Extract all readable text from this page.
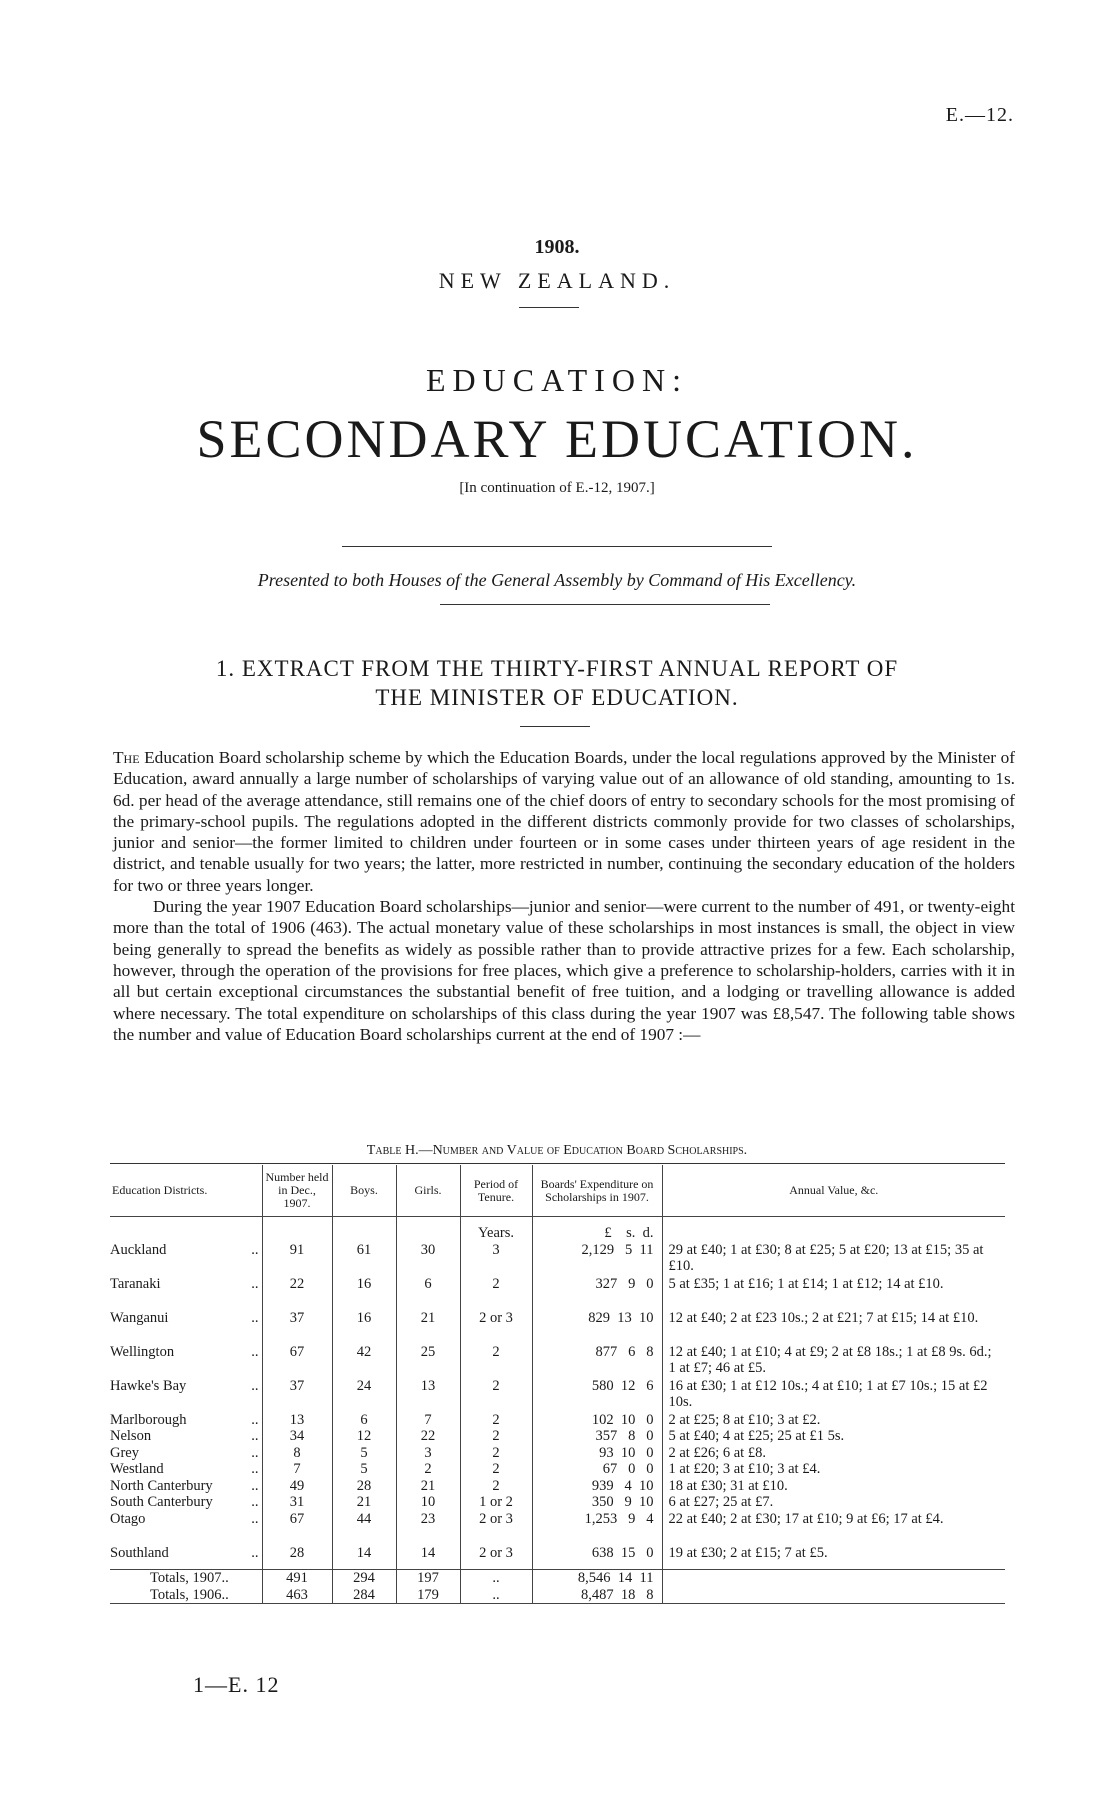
E.—12.
1908.
NEW ZEALAND.
EDUCATION:
SECONDARY EDUCATION.
[In continuation of E.-12, 1907.]
Presented to both Houses of the General Assembly by Command of His Excellency.
1. EXTRACT FROM THE THIRTY-FIRST ANNUAL REPORT OF
THE MINISTER OF EDUCATION.

The Education Board scholarship scheme by which the Education Boards, under the local regulations approved by the Minister of Education, award annually a large number of scholarships of varying value out of an allowance of old standing, amounting to 1s. 6d. per head of the average attendance, still remains one of the chief doors of entry to secondary schools for the most promising of the primary-school pupils. The regulations adopted in the different districts commonly provide for two classes of scholarships, junior and senior—the former limited to children under fourteen or in some cases under thirteen years of age resident in the district, and tenable usually for two years; the latter, more restricted in number, continuing the secondary education of the holders for two or three years longer.

During the year 1907 Education Board scholarships—junior and senior—were current to the number of 491, or twenty-eight more than the total of 1906 (463). The actual monetary value of these scholarships in most instances is small, the object in view being generally to spread the benefits as widely as possible rather than to provide attractive prizes for a few. Each scholarship, however, through the operation of the provisions for free places, which give a preference to scholarship-holders, carries with it in all but certain exceptional circumstances the substantial benefit of free tuition, and a lodging or travelling allowance is added where necessary. The total expenditure on scholarships of this class during the year 1907 was £8,547. The following table shows the number and value of Education Board scholarships current at the end of 1907 :—

Table H.—Number and Value of Education Board Scholarships.
Education Districts.	Number held in Dec., 1907.	Boys.	Girls.	Period of Tenure.	Boards' Expenditure on Scholarships in 1907.	Annual Value, &c.

				Years.	£    s.  d.	
Auckland ..	91	61	30	3	2,129   5  11	29 at £40; 1 at £30; 8 at £25; 5 at £20; 13 at £15; 35 at £10.
Taranaki ..	22	16	6	2	327   9   0	5 at £35; 1 at £16; 1 at £14; 1 at £12; 14 at £10.
Wanganui ..	37	16	21	2 or 3	829  13  10	12 at £40; 2 at £23 10s.; 2 at £21; 7 at £15; 14 at £10.
Wellington ..	67	42	25	2	877   6   8	12 at £40; 1 at £10; 4 at £9; 2 at £8 18s.; 1 at £8 9s. 6d.; 1 at £7; 46 at £5.
Hawke's Bay ..	37	24	13	2	580  12   6	16 at £30; 1 at £12 10s.; 4 at £10; 1 at £7 10s.; 15 at £2 10s.
Marlborough ..	13	6	7	2	102  10   0	2 at £25; 8 at £10; 3 at £2.
Nelson ..	34	12	22	2	357   8   0	5 at £40; 4 at £25; 25 at £1 5s.
Grey ..	8	5	3	2	93  10   0	2 at £26; 6 at £8.
Westland ..	7	5	2	2	67   0   0	1 at £20; 3 at £10; 3 at £4.
North Canterbury ..	49	28	21	2	939   4  10	18 at £30; 31 at £10.
South Canterbury ..	31	21	10	1 or 2	350   9  10	6 at £27; 25 at £7.
Otago ..	67	44	23	2 or 3	1,253   9   4	22 at £40; 2 at £30; 17 at £10; 9 at £6; 17 at £4.
Southland ..	28	14	14	2 or 3	638  15   0	19 at £30; 2 at £15; 7 at £5.

Totals, 1907..	491	294	197	..	8,546  14  11	
Totals, 1906..	463	284	179	..	8,487  18   8	

1—E. 12
